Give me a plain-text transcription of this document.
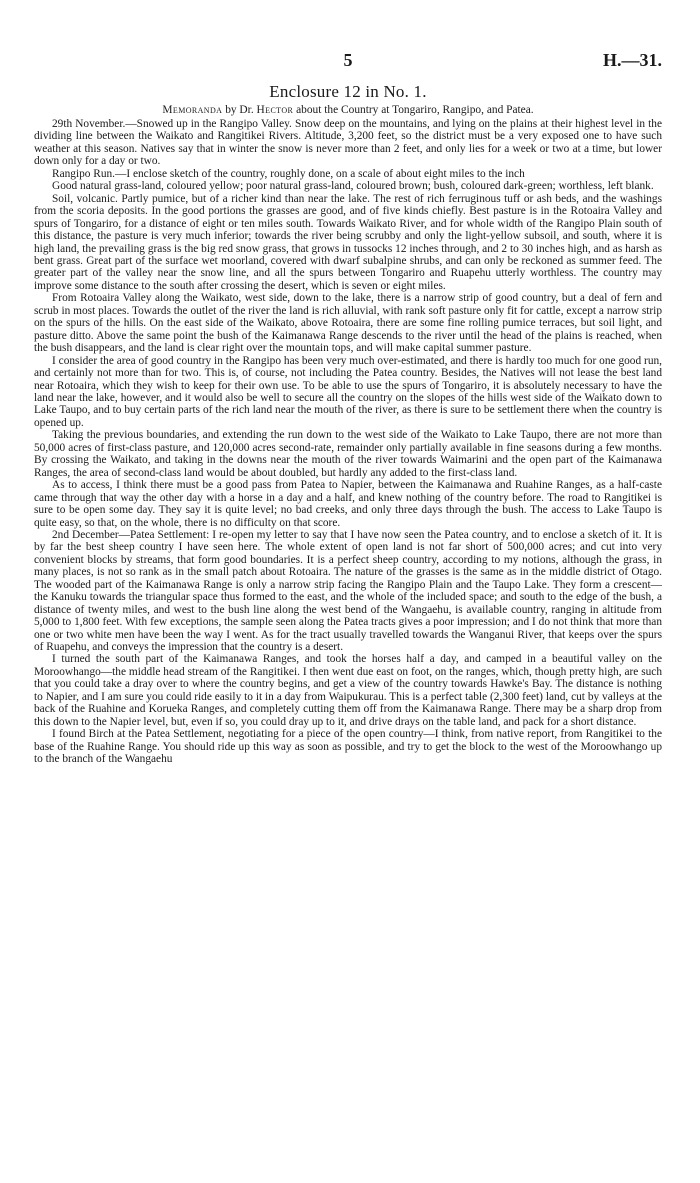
5	H.—31.
Enclosure 12 in No. 1.
Memoranda by Dr. Hector about the Country at Tongariro, Rangipo, and Patea.

29th November.—Snowed up in the Rangipo Valley. Snow deep on the mountains, and lying on the plains at their highest level in the dividing line between the Waikato and Rangitikei Rivers. Altitude, 3,200 feet, so the district must be a very exposed one to have such weather at this season. Natives say that in winter the snow is never more than 2 feet, and only lies for a week or two at a time, but lower down only for a day or two.

Rangipo Run.—I enclose sketch of the country, roughly done, on a scale of about eight miles to the inch

Good natural grass-land, coloured yellow; poor natural grass-land, coloured brown; bush, coloured dark-green; worthless, left blank.

Soil, volcanic. Partly pumice, but of a richer kind than near the lake. The rest of rich ferruginous tuff or ash beds, and the washings from the scoria deposits. In the good portions the grasses are good, and of five kinds chiefly. Best pasture is in the Rotoaira Valley and spurs of Tongariro, for a distance of eight or ten miles south. Towards Waikato River, and for whole width of the Rangipo Plain south of this distance, the pasture is very much inferior; towards the river being scrubby and only the light-yellow subsoil, and south, where it is high land, the prevailing grass is the big red snow grass, that grows in tussocks 12 inches through, and 2 to 30 inches high, and as harsh as bent grass. Great part of the surface wet moorland, covered with dwarf subalpine shrubs, and can only be reckoned as summer feed. The greater part of the valley near the snow line, and all the spurs between Tongariro and Ruapehu utterly worthless. The country may improve some distance to the south after crossing the desert, which is seven or eight miles.

From Rotoaira Valley along the Waikato, west side, down to the lake, there is a narrow strip of good country, but a deal of fern and scrub in most places. Towards the outlet of the river the land is rich alluvial, with rank soft pasture only fit for cattle, except a narrow strip on the spurs of the hills. On the east side of the Waikato, above Rotoaira, there are some fine rolling pumice terraces, but soil light, and pasture ditto. Above the same point the bush of the Kaimanawa Range descends to the river until the head of the plains is reached, when the bush disappears, and the land is clear right over the mountain tops, and will make capital summer pasture.

I consider the area of good country in the Rangipo has been very much over-estimated, and there is hardly too much for one good run, and certainly not more than for two. This is, of course, not including the Patea country. Besides, the Natives will not lease the best land near Rotoaira, which they wish to keep for their own use. To be able to use the spurs of Tongariro, it is absolutely necessary to have the land near the lake, however, and it would also be well to secure all the country on the slopes of the hills west side of the Waikato down to Lake Taupo, and to buy certain parts of the rich land near the mouth of the river, as there is sure to be settlement there when the country is opened up.

Taking the previous boundaries, and extending the run down to the west side of the Waikato to Lake Taupo, there are not more than 50,000 acres of first-class pasture, and 120,000 acres second-rate, remainder only partially available in fine seasons during a few months. By crossing the Waikato, and taking in the downs near the mouth of the river towards Waimarini and the open part of the Kaimanawa Ranges, the area of second-class land would be about doubled, but hardly any added to the first-class land.

As to access, I think there must be a good pass from Patea to Napier, between the Kaimanawa and Ruahine Ranges, as a half-caste came through that way the other day with a horse in a day and a half, and knew nothing of the country before. The road to Rangitikei is sure to be open some day. They say it is quite level; no bad creeks, and only three days through the bush. The access to Lake Taupo is quite easy, so that, on the whole, there is no difficulty on that score.

2nd December—Patea Settlement: I re-open my letter to say that I have now seen the Patea country, and to enclose a sketch of it. It is by far the best sheep country I have seen here. The whole extent of open land is not far short of 500,000 acres; and cut into very convenient blocks by streams, that form good boundaries. It is a perfect sheep country, according to my notions, although the grass, in many places, is not so rank as in the small patch about Rotoaira. The nature of the grasses is the same as in the middle district of Otago. The wooded part of the Kaimanawa Range is only a narrow strip facing the Rangipo Plain and the Taupo Lake. They form a crescent—the Kanuku towards the triangular space thus formed to the east, and the whole of the included space; and south to the edge of the bush, a distance of twenty miles, and west to the bush line along the west bend of the Wangaehu, is available country, ranging in altitude from 5,000 to 1,800 feet. With few exceptions, the sample seen along the Patea tracts gives a poor impression; and I do not think that more than one or two white men have been the way I went. As for the tract usually travelled towards the Wanganui River, that keeps over the spurs of Ruapehu, and conveys the impression that the country is a desert.

I turned the south part of the Kaimanawa Ranges, and took the horses half a day, and camped in a beautiful valley on the Moroowhango—the middle head stream of the Rangitikei. I then went due east on foot, on the ranges, which, though pretty high, are such that you could take a dray over to where the country begins, and get a view of the country towards Hawke's Bay. The distance is nothing to Napier, and I am sure you could ride easily to it in a day from Waipukurau. This is a perfect table (2,300 feet) land, cut by valleys at the back of the Ruahine and Korueka Ranges, and completely cutting them off from the Kaimanawa Range. There may be a sharp drop from this down to the Napier level, but, even if so, you could dray up to it, and drive drays on the table land, and pack for a short distance.

I found Birch at the Patea Settlement, negotiating for a piece of the open country—I think, from native report, from Rangitikei to the base of the Ruahine Range. You should ride up this way as soon as possible, and try to get the block to the west of the Moroowhango up to the branch of the Wangaehu
